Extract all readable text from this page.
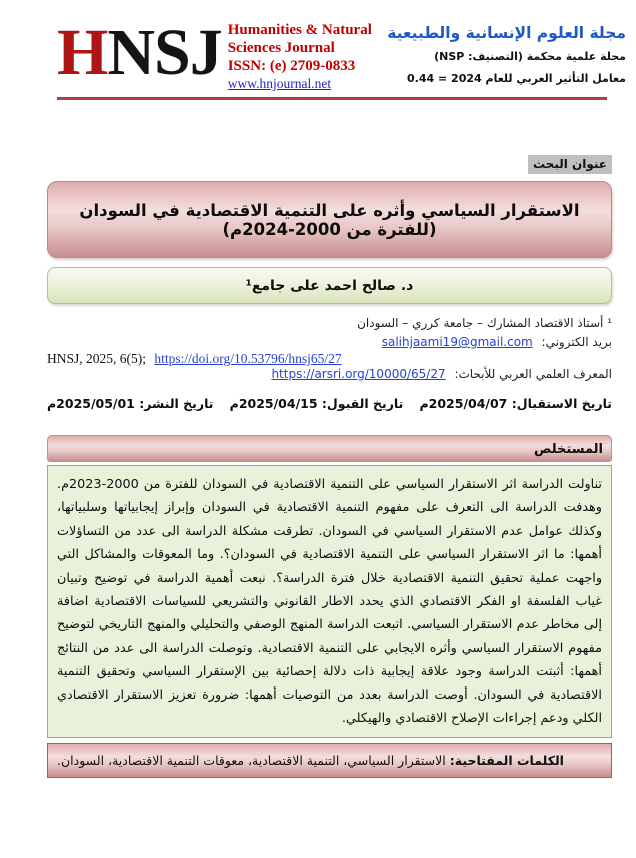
HNSJ Humanities & Natural
Sciences Journal
ISSN: (e) 2709-0833
www.hnjournal.net
مجلة العلوم الإنسانية والطبيعية
مجلة علمية محكمة (التصنيف: NSP)
معامل التأثير العربي للعام 2024 = 0.44
عنوان البحث
الاستقرار السياسي وأثره على التنمية الاقتصادية في السودان (للفترة من 2000-2024م)
د. صالح احمد على جامع¹
¹ أستاذ الاقتصاد المشارك – جامعة كرري – السودان
بريد الكتروني: salihjaami19@gmail.com
HNSJ, 2025, 6(5); https://doi.org/10.53796/hnsj65/27
المعرف العلمي العربي للأبحاث: https://arsri.org/10000/65/27
تاريخ الاستقبال: 2025/04/07م
تاريخ القبول: 2025/04/15م
تاريخ النشر: 2025/05/01م
المستخلص
تناولت الدراسة اثر الاستقرار السياسي على التنمية الاقتصادية في السودان للفترة من 2000-2023م. وهدفت الدراسة الى التعرف على مفهوم التنمية الاقتصادية في السودان وإبراز إيجابياتها وسلبياتها، وكذلك عوامل عدم الاستقرار السياسي في السودان. تطرقت مشكلة الدراسة الى عدد من التساؤلات أهمها: ما اثر الاستقرار السياسي على التنمية الاقتصادية في السودان؟. وما المعوقات والمشاكل التي واجهت عملية تحقيق التنمية الاقتصادية خلال فترة الدراسة؟. نبعت أهمية الدراسة في توضيح وتبيان غياب الفلسفة او الفكر الاقتصادي الذي يحدد الاطار القانوني والتشريعي للسياسات الاقتصادية اضافة إلى مخاطر عدم الاستقرار السياسي. اتبعت الدراسة المنهج الوصفي والتحليلي والمنهج التاريخي لتوضيح مفهوم الاستقرار السياسي وأثره الايجابي على التنمية الاقتصادية. وتوصلت الدراسة الى عدد من النتائج أهمها: أثبتت الدراسة وجود علاقة إيجابية ذات دلالة إحصائية بين الإستقرار السياسي وتحقيق التنمية الاقتصادية في السودان. أوصت الدراسة بعدد من التوصيات أهمها: ضرورة تعزيز الاستقرار الاقتصادي الكلي ودعم إجراءات الإصلاح الاقتصادي والهيكلي.
الكلمات المفتاحية:
الاستقرار السياسي، التنمية الاقتصادية، معوقات التنمية الاقتصادية، السودان.
